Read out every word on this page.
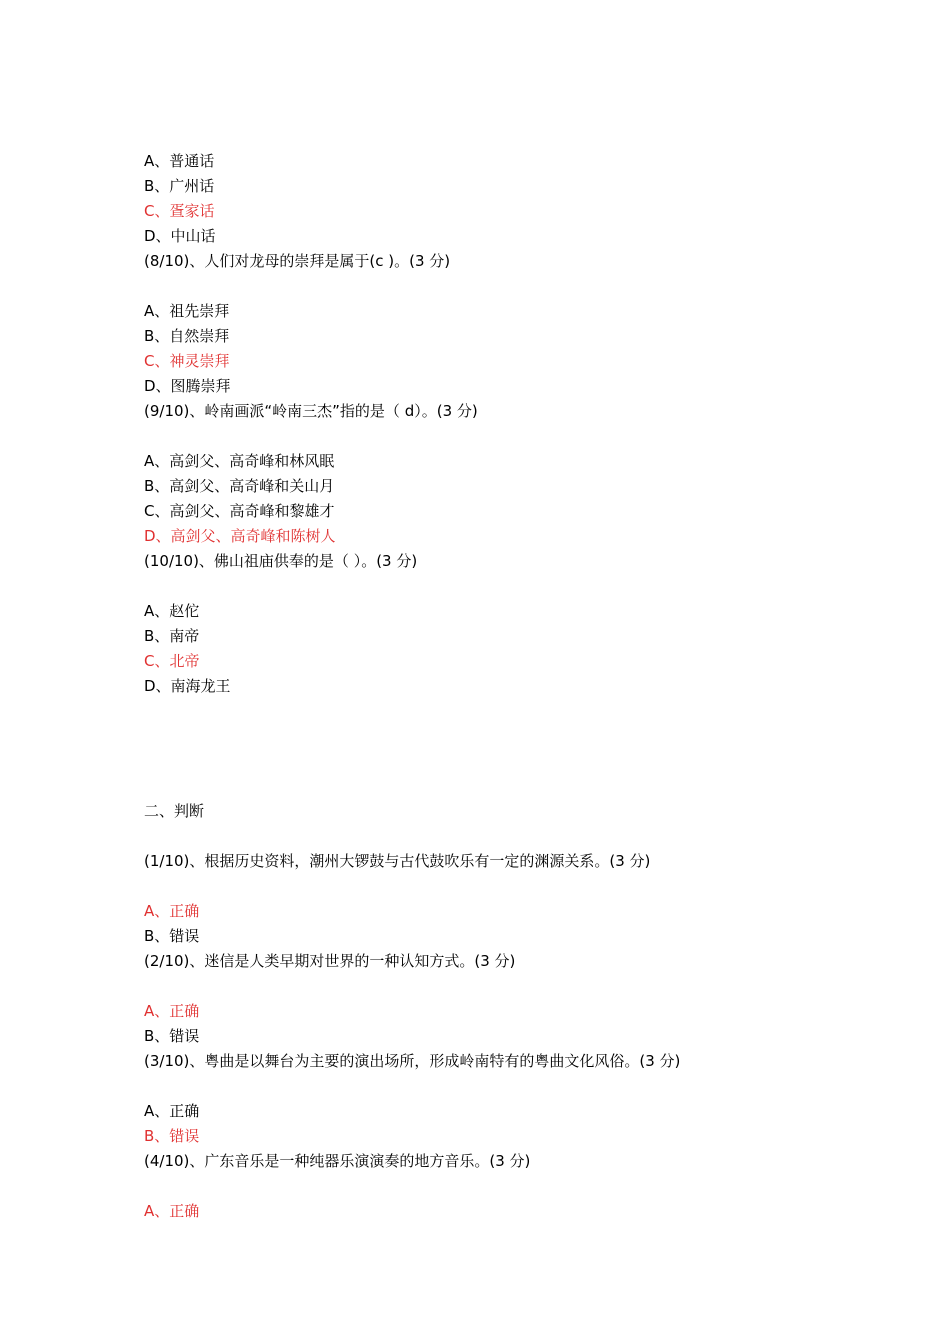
A、普通话
B、广州话
C、疍家话
D、中山话
(8/10)、人们对龙母的崇拜是属于(c )。(3 分)
A、祖先崇拜
B、自然崇拜
C、神灵崇拜
D、图腾崇拜
(9/10)、岭南画派“岭南三杰”指的是（ d）。(3 分)
A、高剑父、高奇峰和林风眠
B、高剑父、高奇峰和关山月
C、高剑父、高奇峰和黎雄才
D、高剑父、高奇峰和陈树人
(10/10)、佛山祖庙供奉的是（ ）。(3 分)
A、赵佗
B、南帝
C、北帝
D、南海龙王
二、判断
(1/10)、根据历史资料，潮州大锣鼓与古代鼓吹乐有一定的渊源关系。(3 分)
A、正确
B、错误
(2/10)、迷信是人类早期对世界的一种认知方式。(3 分)
A、正确
B、错误
(3/10)、粤曲是以舞台为主要的演出场所，形成岭南特有的粤曲文化风俗。(3 分)
A、正确
B、错误
(4/10)、广东音乐是一种纯器乐演演奏的地方音乐。(3 分)
A、正确
